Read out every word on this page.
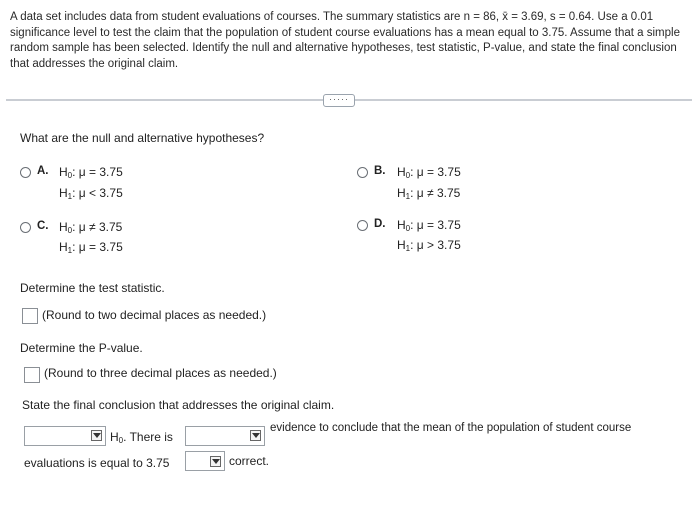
A data set includes data from student evaluations of courses. The summary statistics are n = 86, x̄ = 3.69, s = 0.64. Use a 0.01 significance level to test the claim that the population of student course evaluations has a mean equal to 3.75. Assume that a simple random sample has been selected. Identify the null and alternative hypotheses, test statistic, P-value, and state the final conclusion that addresses the original claim.
·····
What are the null and alternative hypotheses?
A. $H_0$: μ = 3.75
$H_1$: μ < 3.75
B. $H_0$: μ = 3.75
$H_1$: μ ≠ 3.75
C. $H_0$: μ ≠ 3.75
$H_1$: μ = 3.75
D. $H_0$: μ = 3.75
$H_1$: μ > 3.75
Determine the test statistic.
(Round to two decimal places as needed.)
Determine the P-value.
(Round to three decimal places as needed.)
State the final conclusion that addresses the original claim.
$H_0$. There is
evidence to conclude that the mean of the population of student course
evaluations is equal to 3.75	correct.
